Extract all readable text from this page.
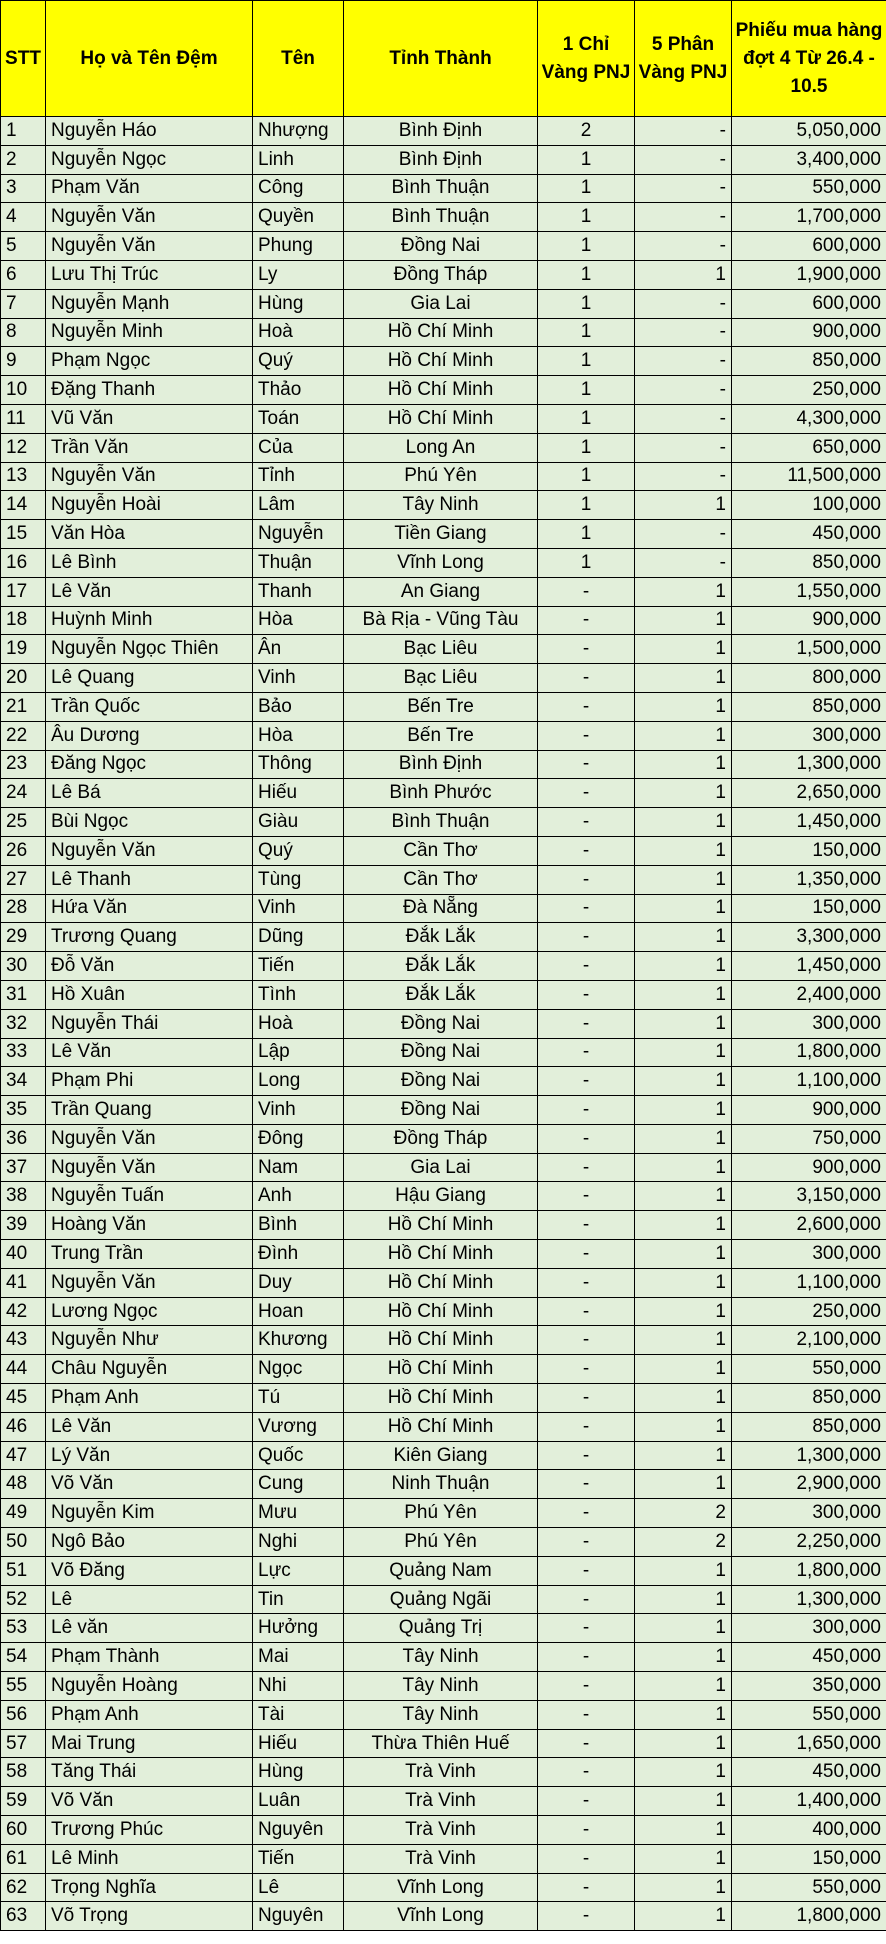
STT	Họ và Tên Đệm	Tên	Tỉnh Thành	1 Chỉ Vàng PNJ	5 Phân Vàng PNJ	Phiếu mua hàng đợt 4 Từ 26.4 - 10.5
1	Nguyễn Háo	Nhượng	Bình Định	2	-	5,050,000
2	Nguyễn Ngọc	Linh	Bình Định	1	-	3,400,000
3	Phạm Văn	Công	Bình Thuận	1	-	550,000
4	Nguyễn Văn	Quyền	Bình Thuận	1	-	1,700,000
5	Nguyễn Văn	Phung	Đồng Nai	1	-	600,000
6	Lưu Thị Trúc	Ly	Đồng Tháp	1	1	1,900,000
7	Nguyễn Mạnh	Hùng	Gia Lai	1	-	600,000
8	Nguyễn Minh	Hoà	Hồ Chí Minh	1	-	900,000
9	Phạm Ngọc	Quý	Hồ Chí Minh	1	-	850,000
10	Đặng Thanh	Thảo	Hồ Chí Minh	1	-	250,000
11	Vũ Văn	Toán	Hồ Chí Minh	1	-	4,300,000
12	Trần Văn	Của	Long An	1	-	650,000
13	Nguyễn Văn	Tỉnh	Phú Yên	1	-	11,500,000
14	Nguyễn Hoài	Lâm	Tây Ninh	1	1	100,000
15	Văn Hòa	Nguyễn	Tiền Giang	1	-	450,000
16	Lê Bình	Thuận	Vĩnh Long	1	-	850,000
17	Lê Văn	Thanh	An Giang	-	1	1,550,000
18	Huỳnh Minh	Hòa	Bà Rịa - Vũng Tàu	-	1	900,000
19	Nguyễn Ngọc Thiên	Ân	Bạc Liêu	-	1	1,500,000
20	Lê Quang	Vinh	Bạc Liêu	-	1	800,000
21	Trần Quốc	Bảo	Bến Tre	-	1	850,000
22	Âu Dương	Hòa	Bến Tre	-	1	300,000
23	Đăng Ngọc	Thông	Bình Định	-	1	1,300,000
24	Lê Bá	Hiếu	Bình Phước	-	1	2,650,000
25	Bùi Ngọc	Giàu	Bình Thuận	-	1	1,450,000
26	Nguyễn Văn	Quý	Cần Thơ	-	1	150,000
27	Lê Thanh	Tùng	Cần Thơ	-	1	1,350,000
28	Hứa Văn	Vinh	Đà Nẵng	-	1	150,000
29	Trương Quang	Dũng	Đắk Lắk	-	1	3,300,000
30	Đỗ Văn	Tiến	Đắk Lắk	-	1	1,450,000
31	Hồ Xuân	Tình	Đắk Lắk	-	1	2,400,000
32	Nguyễn Thái	Hoà	Đồng Nai	-	1	300,000
33	Lê Văn	Lập	Đồng Nai	-	1	1,800,000
34	Phạm Phi	Long	Đồng Nai	-	1	1,100,000
35	Trần Quang	Vinh	Đồng Nai	-	1	900,000
36	Nguyễn Văn	Đông	Đồng Tháp	-	1	750,000
37	Nguyễn Văn	Nam	Gia Lai	-	1	900,000
38	Nguyễn Tuấn	Anh	Hậu Giang	-	1	3,150,000
39	Hoàng Văn	Bình	Hồ Chí Minh	-	1	2,600,000
40	Trung Trần	Đình	Hồ Chí Minh	-	1	300,000
41	Nguyễn Văn	Duy	Hồ Chí Minh	-	1	1,100,000
42	Lương Ngọc	Hoan	Hồ Chí Minh	-	1	250,000
43	Nguyễn Như	Khương	Hồ Chí Minh	-	1	2,100,000
44	Châu Nguyễn	Ngọc	Hồ Chí Minh	-	1	550,000
45	Phạm Anh	Tú	Hồ Chí Minh	-	1	850,000
46	Lê Văn	Vương	Hồ Chí Minh	-	1	850,000
47	Lý Văn	Quốc	Kiên Giang	-	1	1,300,000
48	Võ Văn	Cung	Ninh Thuận	-	1	2,900,000
49	Nguyễn Kim	Mưu	Phú Yên	-	2	300,000
50	Ngô Bảo	Nghi	Phú Yên	-	2	2,250,000
51	Võ Đăng	Lực	Quảng Nam	-	1	1,800,000
52	Lê	Tin	Quảng Ngãi	-	1	1,300,000
53	Lê văn	Hưởng	Quảng Trị	-	1	300,000
54	Phạm Thành	Mai	Tây Ninh	-	1	450,000
55	Nguyễn Hoàng	Nhi	Tây Ninh	-	1	350,000
56	Phạm Anh	Tài	Tây Ninh	-	1	550,000
57	Mai Trung	Hiếu	Thừa Thiên Huế	-	1	1,650,000
58	Tăng Thái	Hùng	Trà Vinh	-	1	450,000
59	Võ Văn	Luân	Trà Vinh	-	1	1,400,000
60	Trương Phúc	Nguyên	Trà Vinh	-	1	400,000
61	Lê Minh	Tiến	Trà Vinh	-	1	150,000
62	Trọng Nghĩa	Lê	Vĩnh Long	-	1	550,000
63	Võ Trọng	Nguyên	Vĩnh Long	-	1	1,800,000
